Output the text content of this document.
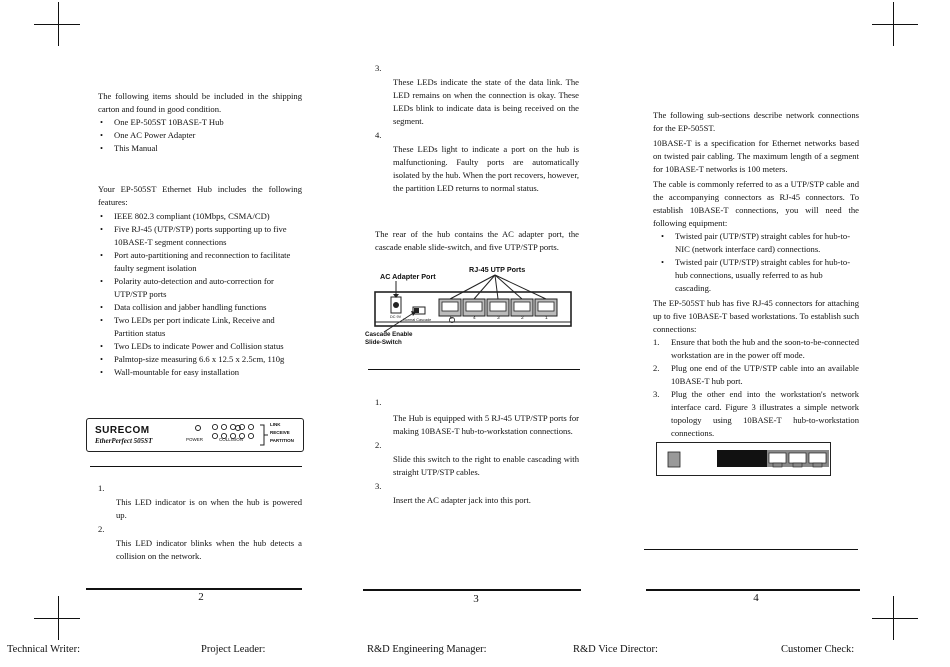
The following items should be included in the shipping carton and found in good condition.

• One EP-505ST 10BASE-T Hub
• One AC Power Adapter
• This Manual

Your EP-505ST Ethernet Hub includes the following features:

• IEEE 802.3 compliant (10Mbps, CSMA/CD)
• Five RJ-45 (UTP/STP) ports supporting up to five 10BASE-T segment connections
• Port auto-partitioning and reconnection to facilitate faulty segment isolation
• Polarity auto-detection and auto-correction for UTP/STP ports
• Data collision and jabber handling functions
• Two LEDs per port indicate Link, Receive and Partition status
• Two LEDs to indicate Power and Collision status
• Palmtop-size measuring 6.6 x 12.5 x 2.5cm, 110g
• Wall-mountable for easy installation
SURECOM
EtherPerfect 505ST	POWER	COLLISION
LINK
RECEIVE
PARTITION
1.

This LED indicator is on when the hub is powered up.

2.

This LED indicator blinks when the hub detects a collision on the network.

2
3.

These LEDs indicate the state of the data link. The LED remains on when the connection is okay. These LEDs blink to indicate data is being received on the segment.

4.

These LEDs light to indicate a port on the hub is malfunctioning. Faulty ports are automatically isolated by the hub. When the port recovers, however, the partition LED returns to normal status.

The rear of the hub contains the AC adapter port, the cascade enable slide-switch, and five UTP/STP ports.

AC Adapter Port
RJ-45 UTP Ports
DC 9V
Normal Cascade	5	4	3	2	1
Cascade Enable
Slide-Switch
1.

The Hub is equipped with 5 RJ-45 UTP/STP ports for making 10BASE-T hub-to-workstation connections.

2.

Slide this switch to the right to enable cascading with straight UTP/STP cables.

3.

Insert the AC adapter jack into this port.

3

The following sub-sections describe network connections for the EP-505ST.

10BASE-T is a specification for Ethernet networks based on twisted pair cabling. The maximum length of a segment for 10BASE-T networks is 100 meters.

The cable is commonly referred to as a UTP/STP cable and the accompanying connectors as RJ-45 connectors. To establish 10BASE-T connections, you will need the following equipment:

• Twisted pair (UTP/STP) straight cables for hub-to-NIC (network interface card) connections.
• Twisted pair (UTP/STP) straight cables for hub-to-hub connections, usually referred to as hub cascading.

The EP-505ST hub has five RJ-45 connectors for attaching up to five 10BASE-T based workstations. To establish such connections:

1. Ensure that both the hub and the soon-to-be-connected workstation are in the power off mode.

2. Plug one end of the UTP/STP cable into an available 10BASE-T hub port.

3. Plug the other end into the workstation's network interface card. Figure 3 illustrates a simple network topology using 10BASE-T hub-to-workstation connections.

4
Technical Writer:	Project Leader:	R&D Engineering Manager:	R&D Vice Director:	Customer Check:
